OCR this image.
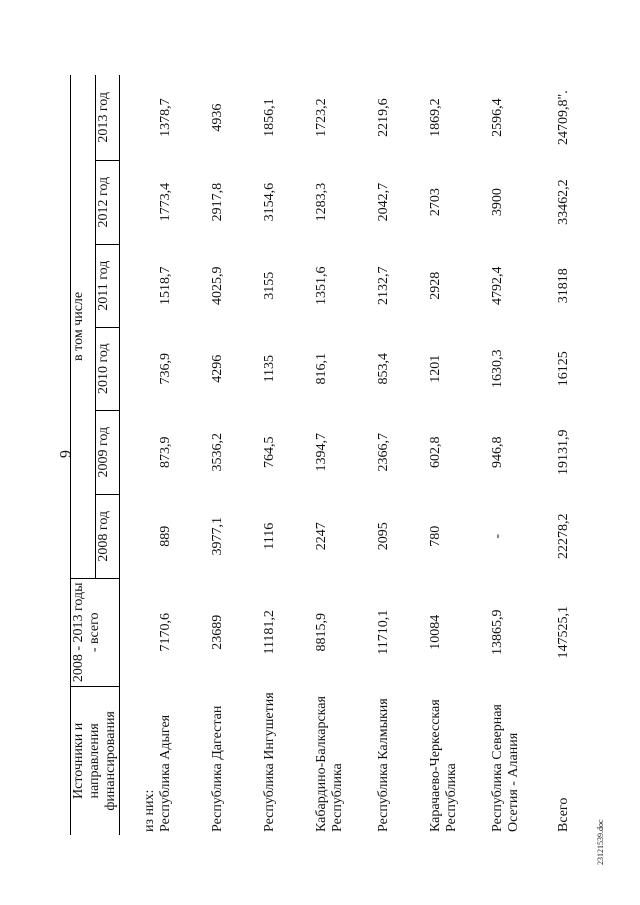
6
Источники и направления финансирования	2008 - 2013 годы - всего	в том числе					
		2008 год	2009 год	2010 год	2011 год	2012 год	2013 год
из них:							
Республика Адыгея	7170,6	889	873,9	736,9	1518,7	1773,4	1378,7
Республика Дагестан	23689	3977,1	3536,2	4296	4025,9	2917,8	4936
Республика Ингушетия	11181,2	1116	764,5	1135	3155	3154,6	1856,1
Кабардино-Балкарская Республика	8815,9	2247	1394,7	816,1	1351,6	1283,3	1723,2
Республика Калмыкия	11710,1	2095	2366,7	853,4	2132,7	2042,7	2219,6
Карачаево-Черкесская Республика	10084	780	602,8	1201	2928	2703	1869,2
Республика Северная Осетия - Алания	13865,9	-	946,8	1630,3	4792,4	3900	2596,4
Всего	147525,1	22278,2	19131,9	16125	31818	33462,2	24709,8".
23121539.doc
